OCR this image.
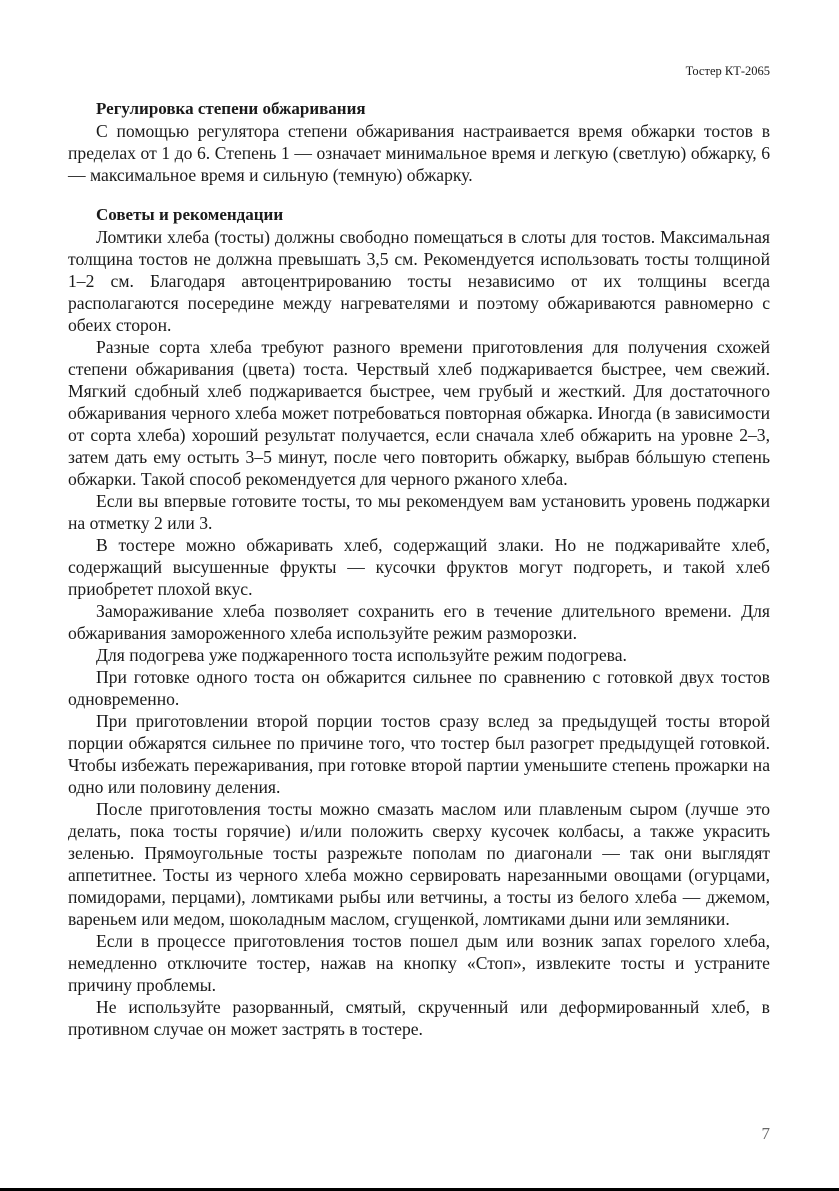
Тостер КТ-2065
Регулировка степени обжаривания

С помощью регулятора степени обжаривания настраивается время обжарки тостов в пределах от 1 до 6. Степень 1 — означает минимальное время и легкую (светлую) обжарку, 6 — максимальное время и сильную (темную) обжарку.

Советы и рекомендации

Ломтики хлеба (тосты) должны свободно помещаться в слоты для тостов. Максимальная толщина тостов не должна превышать 3,5 см. Рекомендуется использовать тосты толщиной 1–2 см. Благодаря автоцентрированию тосты независимо от их толщины всегда располагаются посередине между нагревателями и поэтому обжариваются равномерно с обеих сторон.

Разные сорта хлеба требуют разного времени приготовления для получения схожей степени обжаривания (цвета) тоста. Черствый хлеб поджаривается быстрее, чем свежий. Мягкий сдобный хлеб поджаривается быстрее, чем грубый и жесткий. Для достаточного обжаривания черного хлеба может потребоваться повторная обжарка. Иногда (в зависимости от сорта хлеба) хороший результат получается, если сначала хлеб обжарить на уровне 2–3, затем дать ему остыть 3–5 минут, после чего повторить обжарку, выбрав бóльшую степень обжарки. Такой способ рекомендуется для черного ржаного хлеба.

Если вы впервые готовите тосты, то мы рекомендуем вам установить уровень поджарки на отметку 2 или 3.

В тостере можно обжаривать хлеб, содержащий злаки. Но не поджаривайте хлеб, содержащий высушенные фрукты — кусочки фруктов могут подгореть, и такой хлеб приобретет плохой вкус.

Замораживание хлеба позволяет сохранить его в течение длительного времени. Для обжаривания замороженного хлеба используйте режим разморозки.

Для подогрева уже поджаренного тоста используйте режим подогрева.

При готовке одного тоста он обжарится сильнее по сравнению с готовкой двух тостов одновременно.

При приготовлении второй порции тостов сразу вслед за предыдущей тосты второй порции обжарятся сильнее по причине того, что тостер был разогрет предыдущей готовкой. Чтобы избежать пережаривания, при готовке второй партии уменьшите степень прожарки на одно или половину деления.

После приготовления тосты можно смазать маслом или плавленым сыром (лучше это делать, пока тосты горячие) и/или положить сверху кусочек колбасы, а также украсить зеленью. Прямоугольные тосты разрежьте пополам по диагонали — так они выглядят аппетитнее. Тосты из черного хлеба можно сервировать нарезанными овощами (огурцами, помидорами, перцами), ломтиками рыбы или ветчины, а тосты из белого хлеба — джемом, вареньем или медом, шоколадным маслом, сгущенкой, ломтиками дыни или земляники.

Если в процессе приготовления тостов пошел дым или возник запах горелого хлеба, немедленно отключите тостер, нажав на кнопку «Стоп», извлеките тосты и устраните причину проблемы.

Не используйте разорванный, смятый, скрученный или деформированный хлеб, в противном случае он может застрять в тостере.

7
